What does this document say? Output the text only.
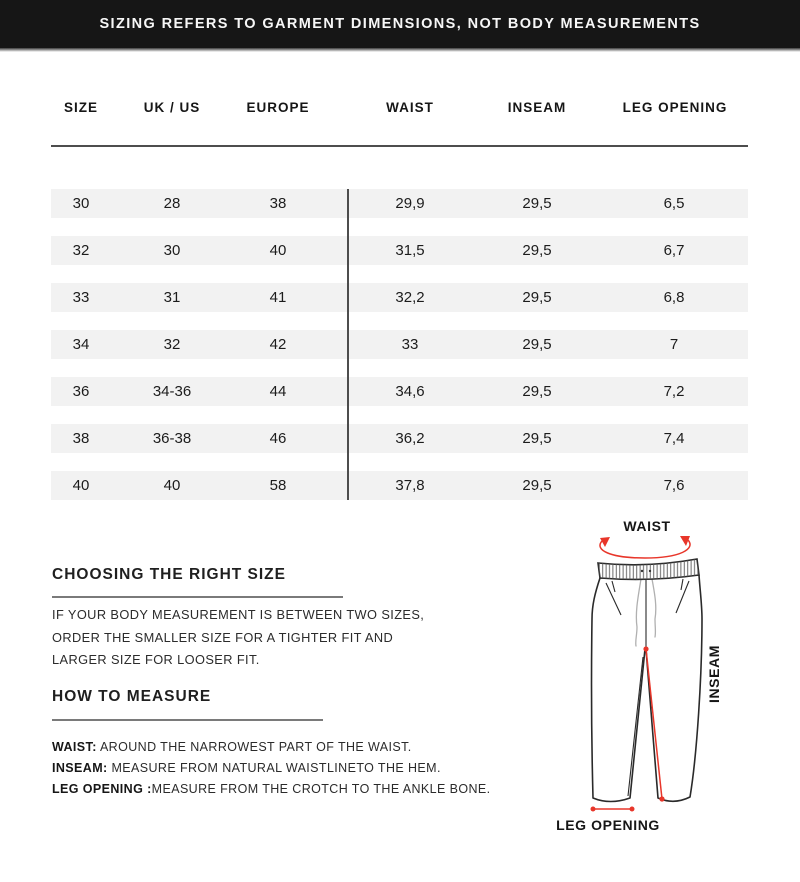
SIZING REFERS TO GARMENT DIMENSIONS, NOT BODY MEASUREMENTS
SIZE	UK / US	EUROPE	WAIST	INSEAM	LEG OPENING
30	28	38	29,9	29,5	6,5
32	30	40	31,5	29,5	6,7
33	31	41	32,2	29,5	6,8
34	32	42	33	29,5	7
36	34-36	44	34,6	29,5	7,2
38	36-38	46	36,2	29,5	7,4
40	40	58	37,8	29,5	7,6
CHOOSING THE RIGHT SIZE
IF YOUR BODY MEASUREMENT IS BETWEEN TWO SIZES,
ORDER THE SMALLER SIZE FOR A TIGHTER FIT AND
LARGER SIZE FOR LOOSER FIT.
HOW TO MEASURE
WAIST: AROUND THE NARROWEST PART OF THE WAIST.
INSEAM: MEASURE FROM NATURAL WAISTLINETO THE HEM.
LEG OPENING :MEASURE FROM THE CROTCH TO THE ANKLE BONE.
WAIST
INSEAM
LEG OPENING
